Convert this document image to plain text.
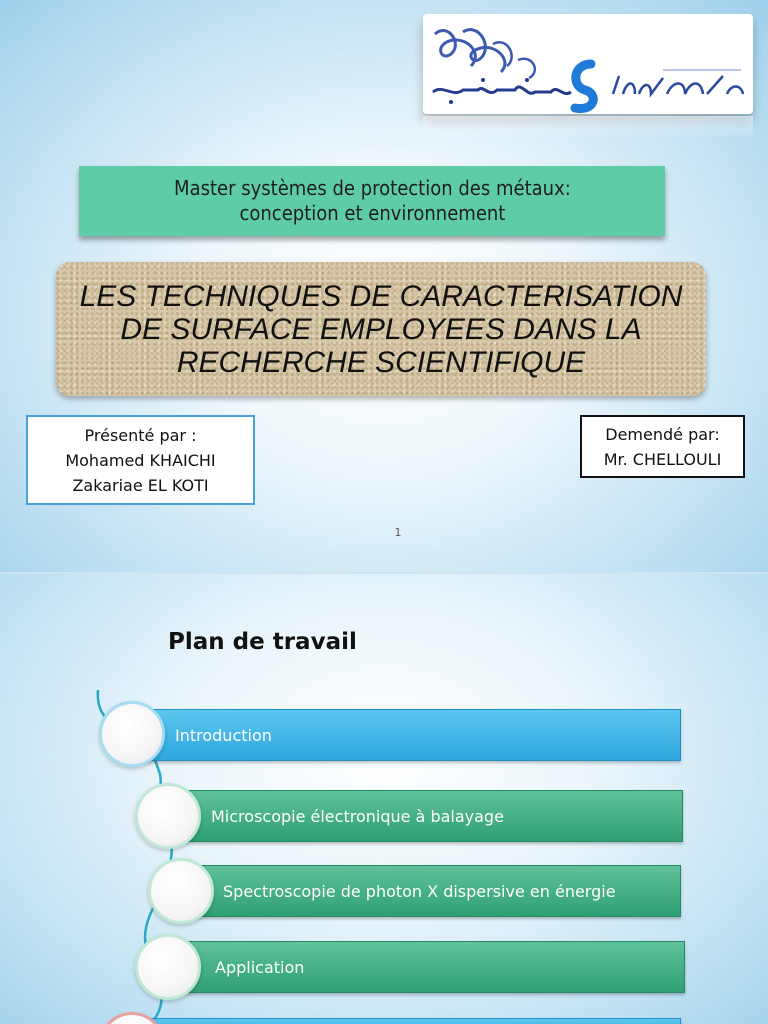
Master systèmes de protection des métaux:
conception et environnement
LES TECHNIQUES DE CARACTERISATION
DE SURFACE EMPLOYEES DANS LA
RECHERCHE SCIENTIFIQUE
Présenté par :
Mohamed KHAICHI
Zakariae EL KOTI
Demendé par:
Mr. CHELLOULI
1
Plan de travail
Introduction
Microscopie électronique à balayage
Spectroscopie de photon X dispersive en énergie
Application
